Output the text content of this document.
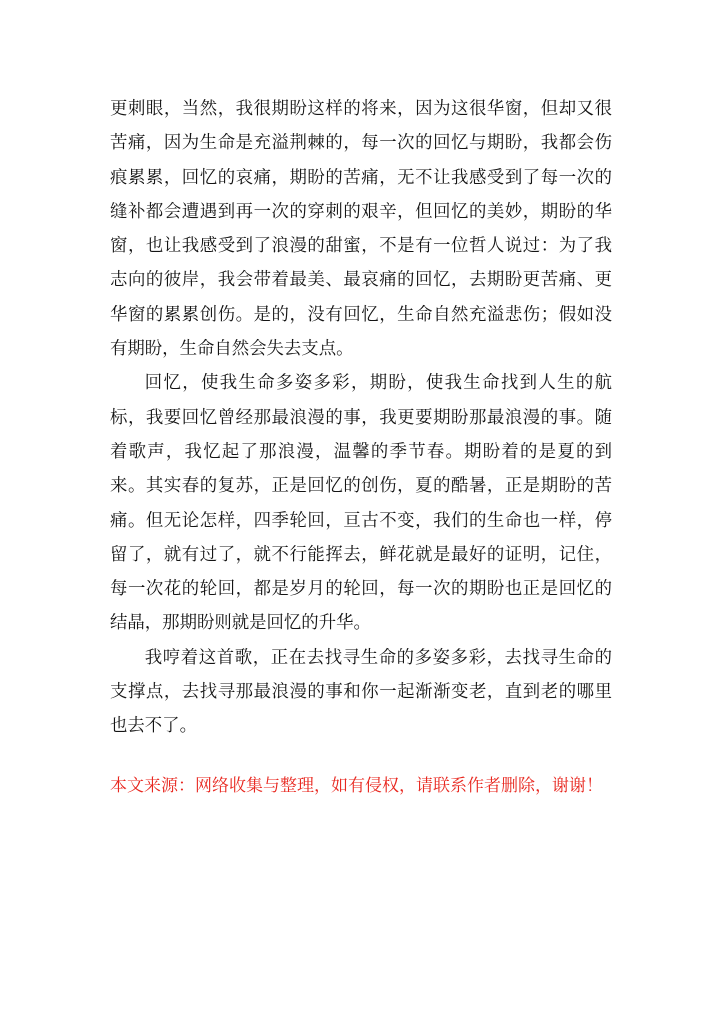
更刺眼，当然，我很期盼这样的将来，因为这很华窗，但却又很苦痛，因为生命是充溢荆棘的，每一次的回忆与期盼，我都会伤痕累累，回忆的哀痛，期盼的苦痛，无不让我感受到了每一次的缝补都会遭遇到再一次的穿刺的艰辛，但回忆的美妙，期盼的华窗，也让我感受到了浪漫的甜蜜，不是有一位哲人说过：为了我志向的彼岸，我会带着最美、最哀痛的回忆，去期盼更苦痛、更华窗的累累创伤。是的，没有回忆，生命自然充溢悲伤；假如没有期盼，生命自然会失去支点。

回忆，使我生命多姿多彩，期盼，使我生命找到人生的航标，我要回忆曾经那最浪漫的事，我更要期盼那最浪漫的事。随着歌声，我忆起了那浪漫，温馨的季节春。期盼着的是夏的到来。其实春的复苏，正是回忆的创伤，夏的酷暑，正是期盼的苦痛。但无论怎样，四季轮回，亘古不变，我们的生命也一样，停留了，就有过了，就不行能挥去，鲜花就是最好的证明，记住，每一次花的轮回，都是岁月的轮回，每一次的期盼也正是回忆的结晶，那期盼则就是回忆的升华。

我哼着这首歌，正在去找寻生命的多姿多彩，去找寻生命的支撑点，去找寻那最浪漫的事和你一起渐渐变老，直到老的哪里也去不了。

本文来源：网络收集与整理，如有侵权，请联系作者删除，谢谢！
